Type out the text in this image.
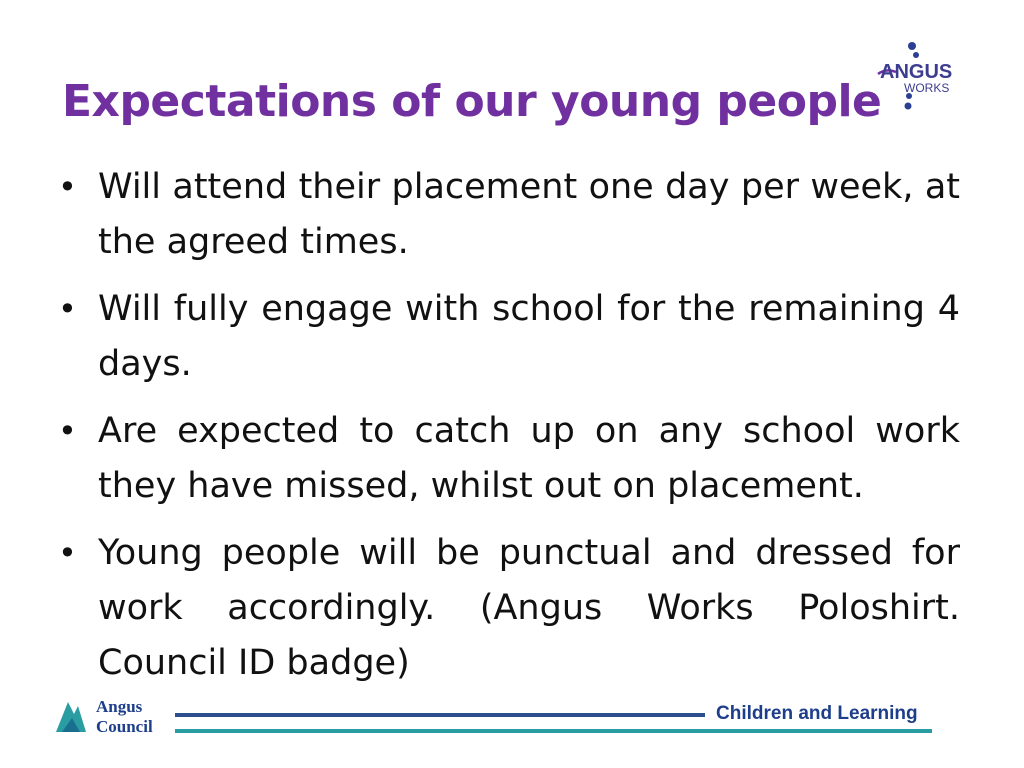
Expectations of our young people
ANGUS
WORKS
• Will attend their placement one day per week, at the agreed times.
• Will fully engage with school for the remaining 4 days.
• Are expected to catch up on any school work they have missed, whilst out on placement.
• Young people will be punctual and dressed for work accordingly. (Angus Works Poloshirt. Council ID badge)
Angus
Council
Children and Learning
